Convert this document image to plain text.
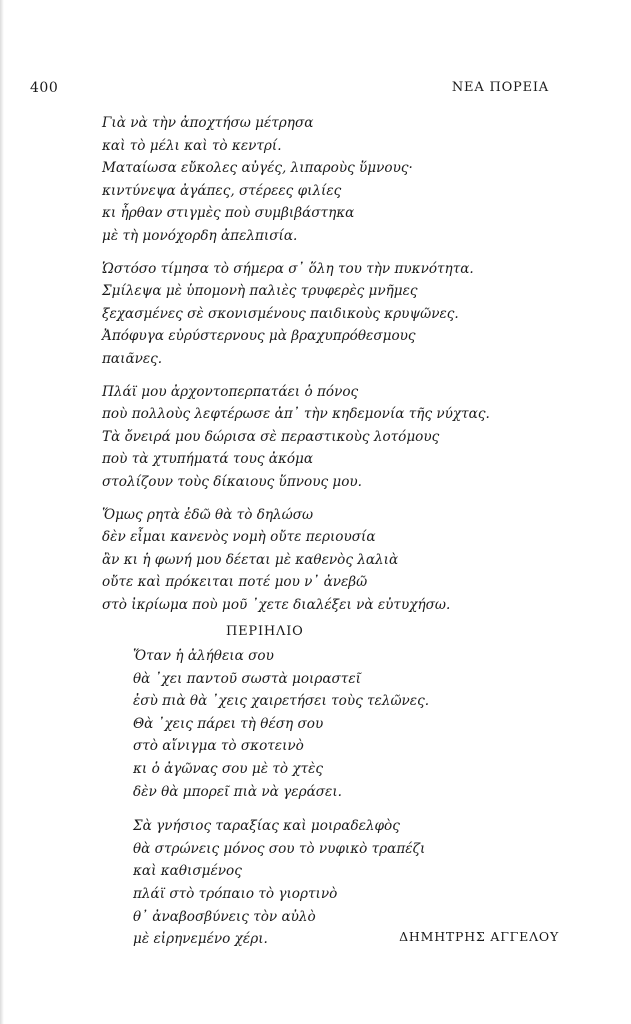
400	ΝΕΑ ΠΟΡΕΙΑ
Γιὰ νὰ τὴν ἀποχτήσω μέτρησα
καὶ τὸ μέλι καὶ τὸ κεντρί.
Ματαίωσα εὔκολες αὐγές, λιπαροὺς ὕμνους·
κιντύνεψα ἀγάπες, στέρεες φιλίες
κι ἦρθαν στιγμὲς ποὺ συμβιβάστηκα
μὲ τὴ μονόχορδη ἀπελπισία.
Ὡστόσο τίμησα τὸ σήμερα σ᾽ ὅλη του τὴν πυκνότητα.
Σμίλεψα μὲ ὑπομονὴ παλιὲς τρυφερὲς μνῆμες
ξεχασμένες σὲ σκονισμένους παιδικοὺς κρυψῶνες.
Ἀπόφυγα εὐρύστερνους μὰ βραχυπρόθεσμους
παιᾶνες.
Πλάϊ μου ἀρχοντοπερπατάει ὁ πόνος
ποὺ πολλοὺς λεφτέρωσε ἀπ᾽ τὴν κηδεμονία τῆς νύχτας.
Τὰ ὄνειρά μου δώρισα σὲ περαστικοὺς λοτόμους
ποὺ τὰ χτυπήματά τους ἀκόμα
στολίζουν τοὺς δίκαιους ὕπνους μου.
Ὅμως ρητὰ ἐδῶ θὰ τὸ δηλώσω
δὲν εἶμαι κανενὸς νομὴ οὔτε περιουσία
ἂν κι ἡ φωνή μου δέεται μὲ καθενὸς λαλιὰ
οὔτε καὶ πρόκειται ποτέ μου ν᾽ ἀνεβῶ
στὸ ἰκρίωμα ποὺ μοῦ ᾽χετε διαλέξει νὰ εὐτυχήσω.
ΠΕΡΙΗΛΙΟ
Ὅταν ἡ ἀλήθεια σου
θὰ ᾽χει παντοῦ σωστὰ μοιραστεῖ
ἐσὺ πιὰ θὰ ᾽χεις χαιρετήσει τοὺς τελῶνες.
Θὰ ᾽χεις πάρει τὴ θέση σου
στὸ αἴνιγμα τὸ σκοτεινὸ
κι ὁ ἀγῶνας σου μὲ τὸ χτὲς
δὲν θὰ μπορεῖ πιὰ νὰ γεράσει.
Σὰ γνήσιος ταραξίας καὶ μοιραδελφὸς
θὰ στρώνεις μόνος σου τὸ νυφικὸ τραπέζι
καὶ καθισμένος
πλάϊ στὸ τρόπαιο τὸ γιορτινὸ
θ᾽ ἀναβοσβύνεις τὸν αὐλὸ
μὲ εἰρηνεμένο χέρι.	ΔΗΜΗΤΡΗΣ ΑΓΓΕΛΟΥ
